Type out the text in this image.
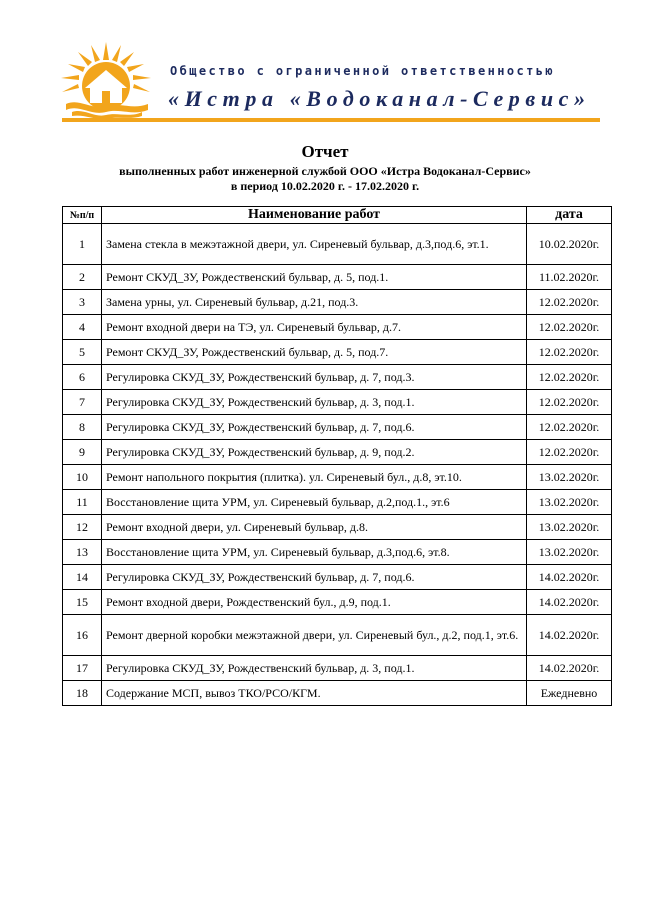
Общество с ограниченной ответственностью
«Истра «Водоканал-Сервис»
Отчет
выполненных работ инженерной службой ООО «Истра Водоканал-Сервис»
в период 10.02.2020 г. - 17.02.2020 г.
№п/п	Наименование работ	дата
1	Замена стекла в межэтажной двери, ул. Сиреневый бульвар, д.3,под.6, эт.1.	10.02.2020г.
2	Ремонт СКУД_ЗУ, Рождественский бульвар, д. 5, под.1.	11.02.2020г.
3	Замена урны, ул. Сиреневый бульвар, д.21, под.3.	12.02.2020г.
4	Ремонт входной двери на ТЭ, ул. Сиреневый бульвар, д.7.	12.02.2020г.
5	Ремонт СКУД_ЗУ, Рождественский бульвар, д. 5, под.7.	12.02.2020г.
6	Регулировка СКУД_ЗУ, Рождественский бульвар, д. 7, под.3.	12.02.2020г.
7	Регулировка СКУД_ЗУ, Рождественский бульвар, д. 3, под.1.	12.02.2020г.
8	Регулировка СКУД_ЗУ, Рождественский бульвар, д. 7, под.6.	12.02.2020г.
9	Регулировка СКУД_ЗУ, Рождественский бульвар, д. 9, под.2.	12.02.2020г.
10	Ремонт напольного покрытия (плитка). ул. Сиреневый бул., д.8, эт.10.	13.02.2020г.
11	Восстановление щита УРМ, ул. Сиреневый бульвар, д.2,под.1., эт.6	13.02.2020г.
12	Ремонт входной двери, ул. Сиреневый бульвар, д.8.	13.02.2020г.
13	Восстановление щита УРМ, ул. Сиреневый бульвар, д.3,под.6, эт.8.	13.02.2020г.
14	Регулировка СКУД_ЗУ, Рождественский бульвар, д. 7, под.6.	14.02.2020г.
15	Ремонт входной двери, Рождественский бул., д.9, под.1.	14.02.2020г.
16	Ремонт дверной коробки межэтажной двери, ул. Сиреневый бул., д.2, под.1, эт.6.	14.02.2020г.
17	Регулировка СКУД_ЗУ, Рождественский бульвар, д. 3, под.1.	14.02.2020г.
18	Содержание МСП, вывоз ТКО/РСО/КГМ.	Ежедневно
